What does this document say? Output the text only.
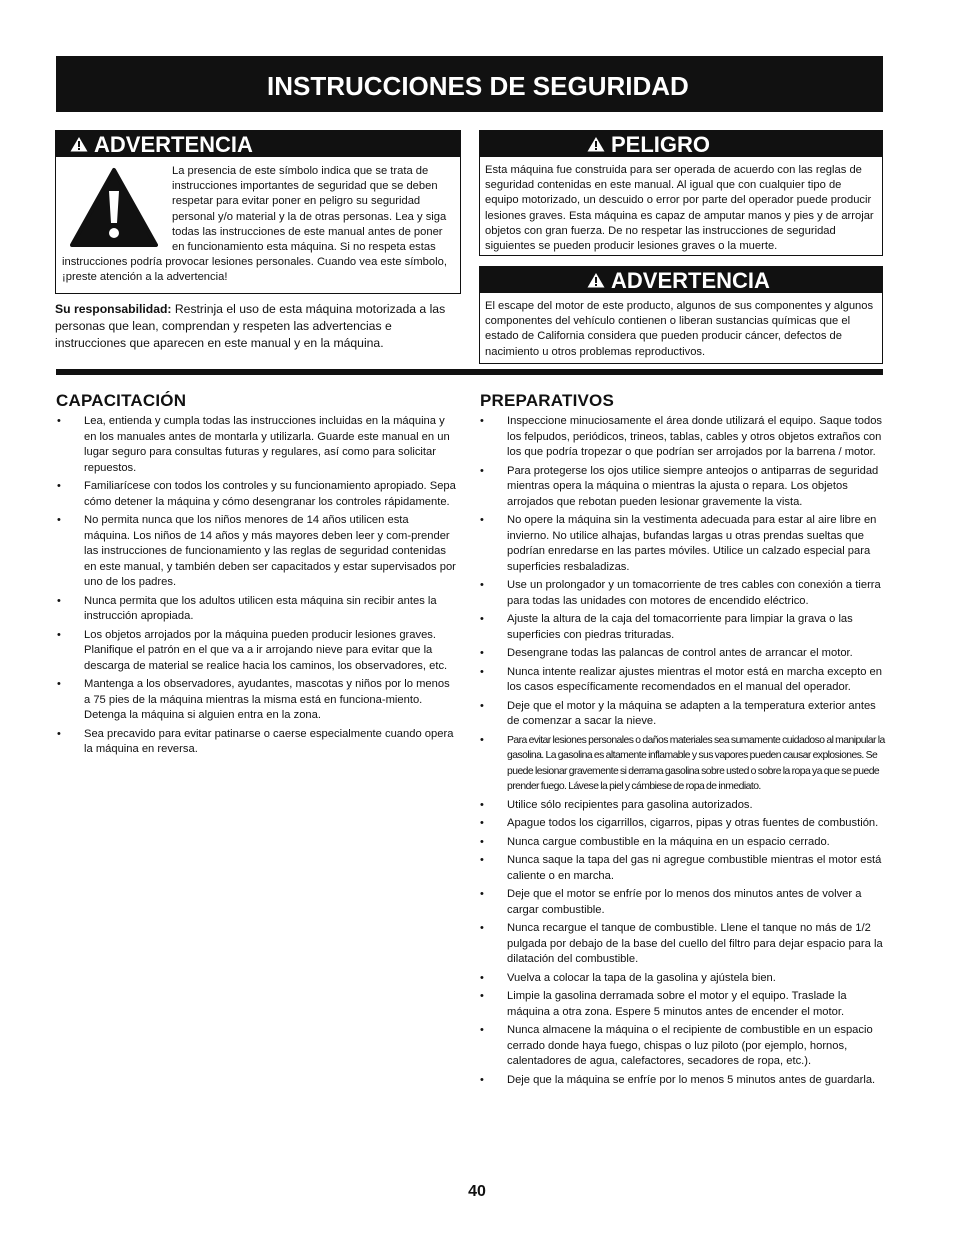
INSTRUCCIONES DE SEGURIDAD
ADVERTENCIA
La presencia de este símbolo indica que se trata de instrucciones importantes de seguridad que se deben respetar para evitar poner en peligro su seguridad personal y/o material y la de otras personas. Lea y siga todas las instrucciones de este manual antes de poner en funcionamiento esta máquina. Si no respeta estas instrucciones podría provocar lesiones personales. Cuando vea este símbolo, ¡preste atención a la advertencia!
Su responsabilidad: Restrinja el uso de esta máquina motorizada a las personas que lean, comprendan y respeten las advertencias e instrucciones que aparecen en este manual y en la máquina.
PELIGRO
Esta máquina fue construida para ser operada de acuerdo con las reglas de seguridad contenidas en este manual. Al igual que con cualquier tipo de equipo motorizado, un descuido o error por parte del operador puede producir lesiones graves. Esta máquina es capaz de amputar manos y pies y de arrojar objetos con gran fuerza. De no respetar las instrucciones de seguridad siguientes se pueden producir lesiones graves o la muerte.
ADVERTENCIA
El escape del motor de este producto, algunos de sus componentes y algunos componentes del vehículo contienen o liberan sustancias químicas que el estado de California considera que pueden producir cáncer, defectos de nacimiento u otros problemas reproductivos.
CAPACITACIÓN
• Lea, entienda y cumpla todas las instrucciones incluidas en la máquina y en los manuales antes de montarla y utilizarla. Guarde este manual en un lugar seguro para consultas futuras y regulares, así como para solicitar repuestos.
• Familiarícese con todos los controles y su funcionamiento apropiado. Sepa cómo detener la máquina y cómo desengranar los controles rápidamente.
• No permita nunca que los niños menores de 14 años utilicen esta máquina. Los niños de 14 años y más mayores deben leer y com-prender las instrucciones de funcionamiento y las reglas de seguridad contenidas en este manual, y también deben ser capacitados y estar supervisados por uno de los padres.
• Nunca permita que los adultos utilicen esta máquina sin recibir antes la instrucción apropiada.
• Los objetos arrojados por la máquina pueden producir lesiones graves. Planifique el patrón en el que va a ir arrojando nieve para evitar que la descarga de material se realice hacia los caminos, los observadores, etc.
• Mantenga a los observadores, ayudantes, mascotas y niños por lo menos a 75 pies de la máquina mientras la misma está en funciona-miento. Detenga la máquina si alguien entra en la zona.
• Sea precavido para evitar patinarse o caerse especialmente cuando opera la máquina en reversa.
PREPARATIVOS
• Inspeccione minuciosamente el área donde utilizará el equipo. Saque todos los felpudos, periódicos, trineos, tablas, cables y otros objetos extraños con los que podría tropezar o que podrían ser arrojados por la barrena / motor.
• Para protegerse los ojos utilice siempre anteojos o antiparras de seguridad mientras opera la máquina o mientras la ajusta o repara. Los objetos arrojados que rebotan pueden lesionar gravemente la vista.
• No opere la máquina sin la vestimenta adecuada para estar al aire libre en invierno. No utilice alhajas, bufandas largas u otras prendas sueltas que podrían enredarse en las partes móviles. Utilice un calzado especial para superficies resbaladizas.
• Use un prolongador y un tomacorriente de tres cables con conexión a tierra para todas las unidades con motores de encendido eléctrico.
• Ajuste la altura de la caja del tomacorriente para limpiar la grava o las superficies con piedras trituradas.
• Desengrane todas las palancas de control antes de arrancar el motor.
• Nunca intente realizar ajustes mientras el motor está en marcha excepto en los casos específicamente recomendados en el manual del operador.
• Deje que el motor y la máquina se adapten a la temperatura exterior antes de comenzar a sacar la nieve.
• Para evitar lesiones personales o daños materiales sea sumamente cuidadoso al manipular la gasolina. La gasolina es altamente inflamable y sus vapores pueden causar explosiones. Se puede lesionar gravemente si derrama gasolina sobre usted o sobre la ropa ya que se puede prender fuego. Lávese la piel y cámbiese de ropa de inmediato.
• Utilice sólo recipientes para gasolina autorizados.
• Apague todos los cigarrillos, cigarros, pipas y otras fuentes de combustión.
• Nunca cargue combustible en la máquina en un espacio cerrado.
• Nunca saque la tapa del gas ni agregue combustible mientras el motor está caliente o en marcha.
• Deje que el motor se enfríe por lo menos dos minutos antes de volver a cargar combustible.
• Nunca recargue el tanque de combustible. Llene el tanque no más de 1/2 pulgada por debajo de la base del cuello del filtro para dejar espacio para la dilatación del combustible.
• Vuelva a colocar la tapa de la gasolina y ajústela bien.
• Limpie la gasolina derramada sobre el motor y el equipo. Traslade la máquina a otra zona. Espere 5 minutos antes de encender el motor.
• Nunca almacene la máquina o el recipiente de combustible en un espacio cerrado donde haya fuego, chispas o luz piloto (por ejemplo, hornos, calentadores de agua, calefactores, secadores de ropa, etc.).
• Deje que la máquina se enfríe por lo menos 5 minutos antes de guardarla.
40
